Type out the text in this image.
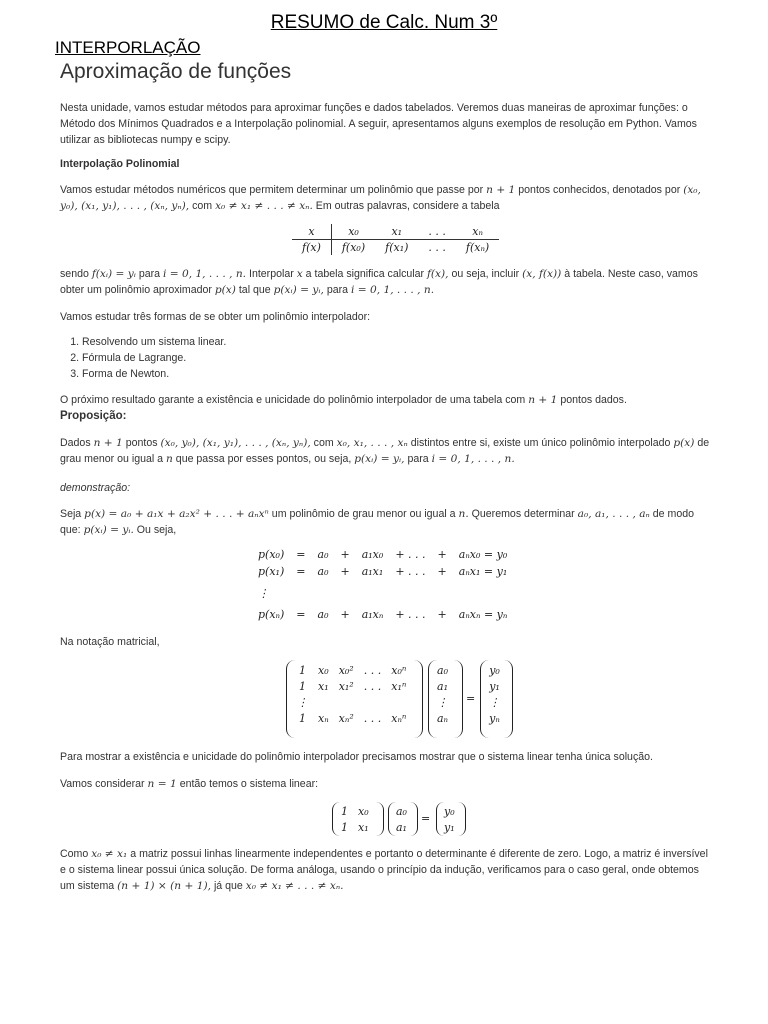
RESUMO de Calc. Num 3º
INTERPORLAÇÃO
Aproximação de funções

Nesta unidade, vamos estudar métodos para aproximar funções e dados tabelados. Veremos duas maneiras de aproximar funções: o Método dos Mínimos Quadrados e a Interpolação polinomial. A seguir, apresentamos alguns exemplos de resolução em Python. Vamos utilizar as bibliotecas numpy e scipy.

Interpolação Polinomial

Vamos estudar métodos numéricos que permitem determinar um polinômio que passe por n + 1 pontos conhecidos, denotados por (x₀, y₀), (x₁, y₁), . . . , (xₙ, yₙ), com x₀ ≠ x₁ ≠ . . . ≠ xₙ. Em outras palavras, considere a tabela

x	x₀	x₁	. . .	xₙ
f(x)	f(x₀)	f(x₁)	. . .	f(xₙ)

sendo f(xᵢ) = yᵢ para i = 0, 1, . . . , n. Interpolar x a tabela significa calcular f(x), ou seja, incluir (x, f(x)) à tabela. Neste caso, vamos obter um polinômio aproximador p(x) tal que p(xᵢ) = yᵢ, para i = 0, 1, . . . , n.

Vamos estudar três formas de se obter um polinômio interpolador:

1. Resolvendo um sistema linear.
2. Fórmula de Lagrange.
3. Forma de Newton.

O próximo resultado garante a existência e unicidade do polinômio interpolador de uma tabela com n + 1 pontos dados.

Proposição:

Dados n + 1 pontos (x₀, y₀), (x₁, y₁), . . . , (xₙ, yₙ), com x₀, x₁, . . . , xₙ distintos entre si, existe um único polinômio interpolado p(x) de grau menor ou igual a n que passa por esses pontos, ou seja, p(xᵢ) = yᵢ, para i = 0, 1, . . . , n.

demonstração:

Seja p(x) = a₀ + a₁x + a₂x² + . . . + aₙxⁿ um polinômio de grau menor ou igual a n. Queremos determinar a₀, a₁, . . . , aₙ de modo que: p(xᵢ) = yᵢ. Ou seja,

p(x₀)	=	a₀	+	a₁x₀	+ . . .	+	aₙx₀ = y₀
p(x₁)	=	a₀	+	a₁x₁	+ . . .	+	aₙx₁ = y₁
⋮							
p(xₙ)	=	a₀	+	a₁xₙ	+ . . .	+	aₙxₙ = yₙ

Na notação matricial,

1	x₀	x₀²	. . .	x₀ⁿ
1	x₁	x₁²	. . .	x₁ⁿ
⋮				
1	xₙ	xₙ²	. . .	xₙⁿ
a₀
a₁
⋮
aₙ
=
y₀
y₁
⋮
yₙ

Para mostrar a existência e unicidade do polinômio interpolador precisamos mostrar que o sistema linear tenha única solução.

Vamos considerar n = 1 então temos o sistema linear:

1	x₀
1	x₁
a₀
a₁
=
y₀
y₁

Como x₀ ≠ x₁ a matriz possui linhas linearmente independentes e portanto o determinante é diferente de zero. Logo, a matriz é inversível e o sistema linear possui única solução. De forma análoga, usando o princípio da indução, verificamos para o caso geral, onde obtemos um sistema (n + 1) × (n + 1), já que x₀ ≠ x₁ ≠ . . . ≠ xₙ.
